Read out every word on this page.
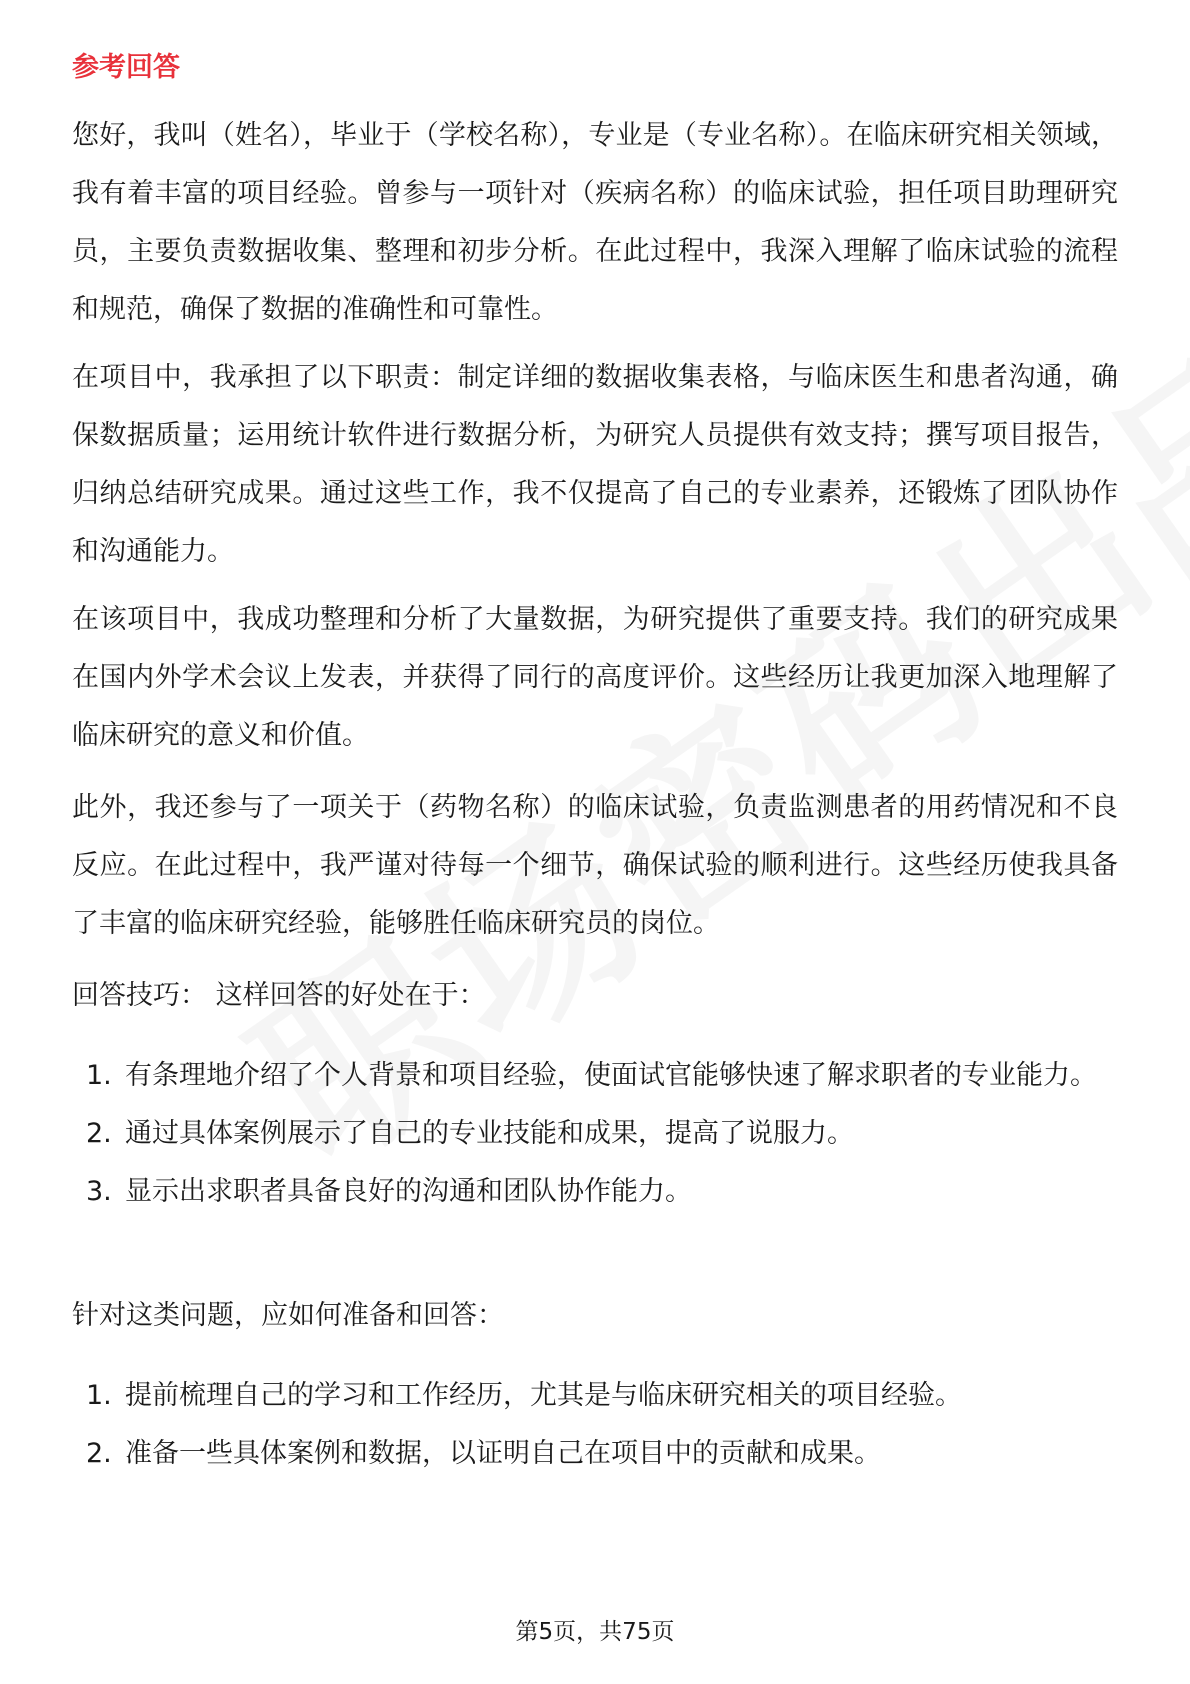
参考回答

您好，我叫（姓名），毕业于（学校名称），专业是（专业名称）。在临床研究相关领域，我有着丰富的项目经验。曾参与一项针对（疾病名称）的临床试验，担任项目助理研究员，主要负责数据收集、整理和初步分析。在此过程中，我深入理解了临床试验的流程和规范，确保了数据的准确性和可靠性。

在项目中，我承担了以下职责：制定详细的数据收集表格，与临床医生和患者沟通，确保数据质量；运用统计软件进行数据分析，为研究人员提供有效支持；撰写项目报告，归纳总结研究成果。通过这些工作，我不仅提高了自己的专业素养，还锻炼了团队协作和沟通能力。

在该项目中，我成功整理和分析了大量数据，为研究提供了重要支持。我们的研究成果在国内外学术会议上发表，并获得了同行的高度评价。这些经历让我更加深入地理解了临床研究的意义和价值。

此外，我还参与了一项关于（药物名称）的临床试验，负责监测患者的用药情况和不良反应。在此过程中，我严谨对待每一个细节，确保试验的顺利进行。这些经历使我具备了丰富的临床研究经验，能够胜任临床研究员的岗位。

回答技巧： 这样回答的好处在于：

1. 有条理地介绍了个人背景和项目经验，使面试官能够快速了解求职者的专业能力。
2. 通过具体案例展示了自己的专业技能和成果，提高了说服力。
3. 显示出求职者具备良好的沟通和团队协作能力。

针对这类问题，应如何准备和回答：

1. 提前梳理自己的学习和工作经历，尤其是与临床研究相关的项目经验。
2. 准备一些具体案例和数据，以证明自己在项目中的贡献和成果。
第5页，共75页
